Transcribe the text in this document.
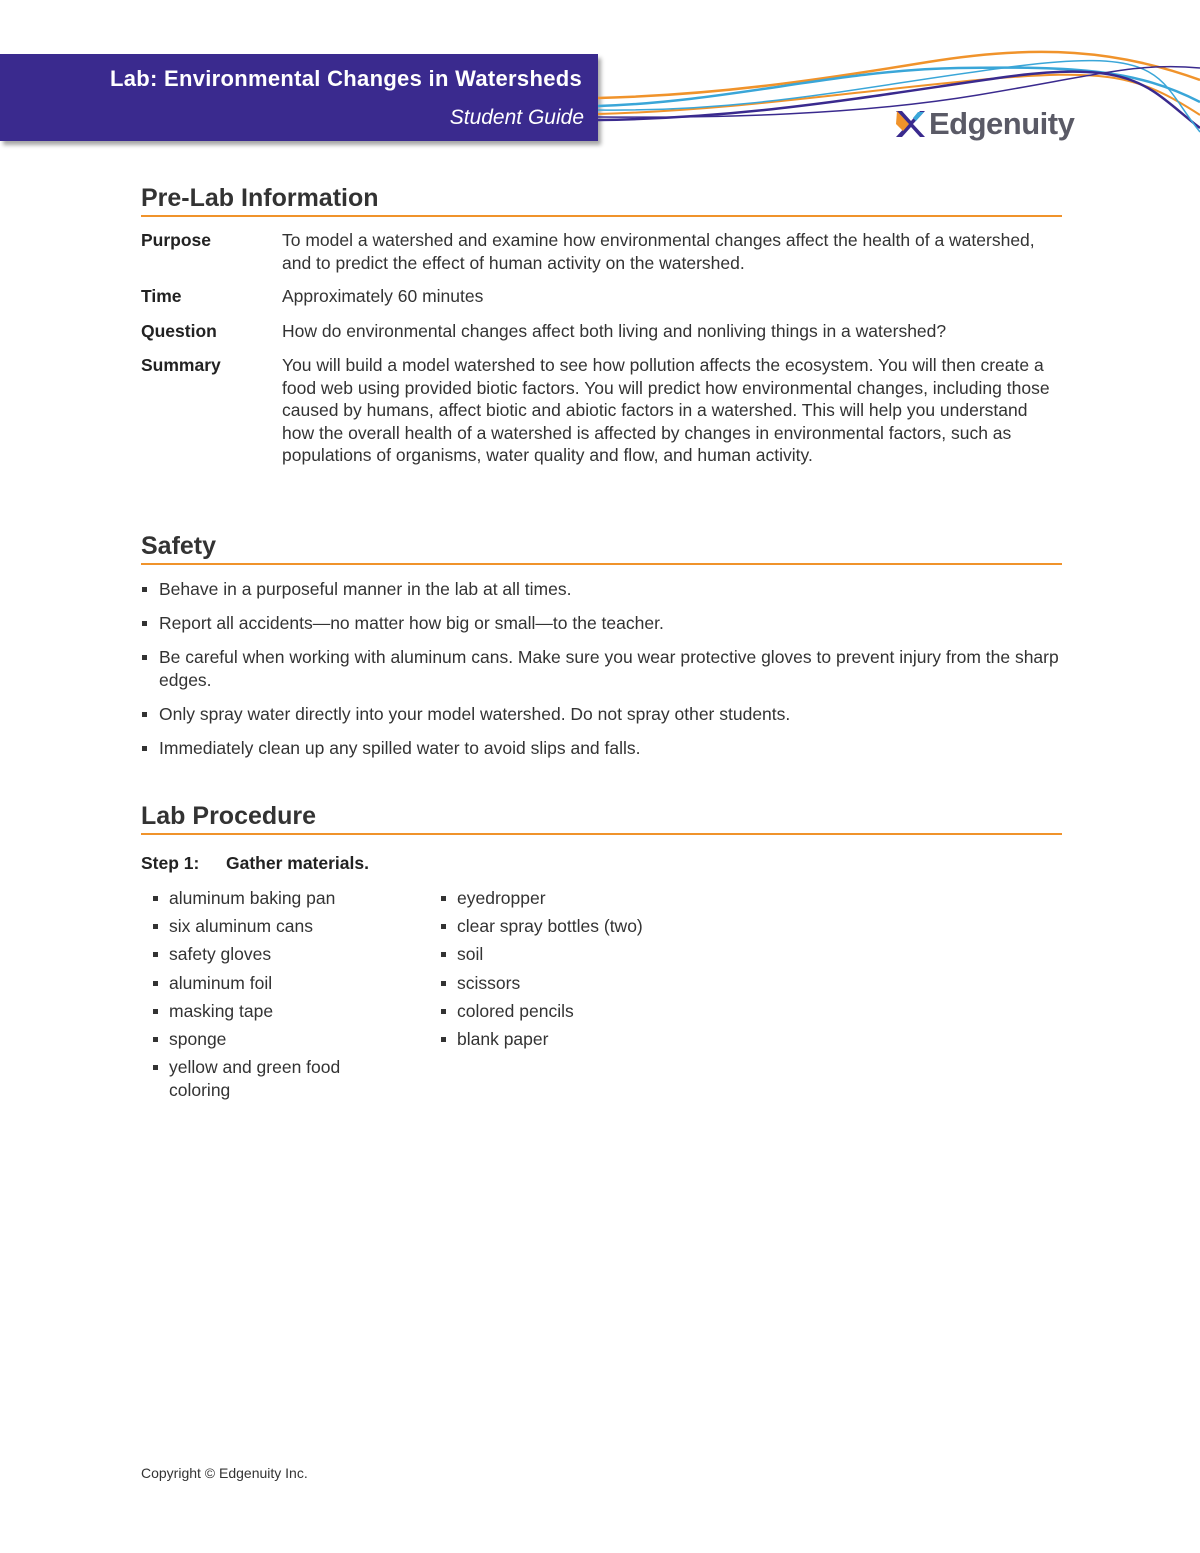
Lab: Environmental Changes in Watersheds
Student Guide	Edgenuity
Pre-Lab Information
Purpose	To model a watershed and examine how environmental changes affect the health of a watershed, and to predict the effect of human activity on the watershed.
Time	Approximately 60 minutes
Question	How do environmental changes affect both living and nonliving things in a watershed?
Summary	You will build a model watershed to see how pollution affects the ecosystem. You will then create a food web using provided biotic factors. You will predict how environmental changes, including those caused by humans, affect biotic and abiotic factors in a watershed. This will help you understand how the overall health of a watershed is affected by changes in environmental factors, such as populations of organisms, water quality and flow, and human activity.
Safety
Behave in a purposeful manner in the lab at all times.
Report all accidents—no matter how big or small—to the teacher.
Be careful when working with aluminum cans. Make sure you wear protective gloves to prevent injury from the sharp edges.
Only spray water directly into your model watershed. Do not spray other students.
Immediately clean up any spilled water to avoid slips and falls.
Lab Procedure
Step 1: Gather materials.
aluminum baking pan
six aluminum cans
safety gloves
aluminum foil
masking tape
sponge
yellow and green food coloring
eyedropper
clear spray bottles (two)
soil
scissors
colored pencils
blank paper
Copyright © Edgenuity Inc.
